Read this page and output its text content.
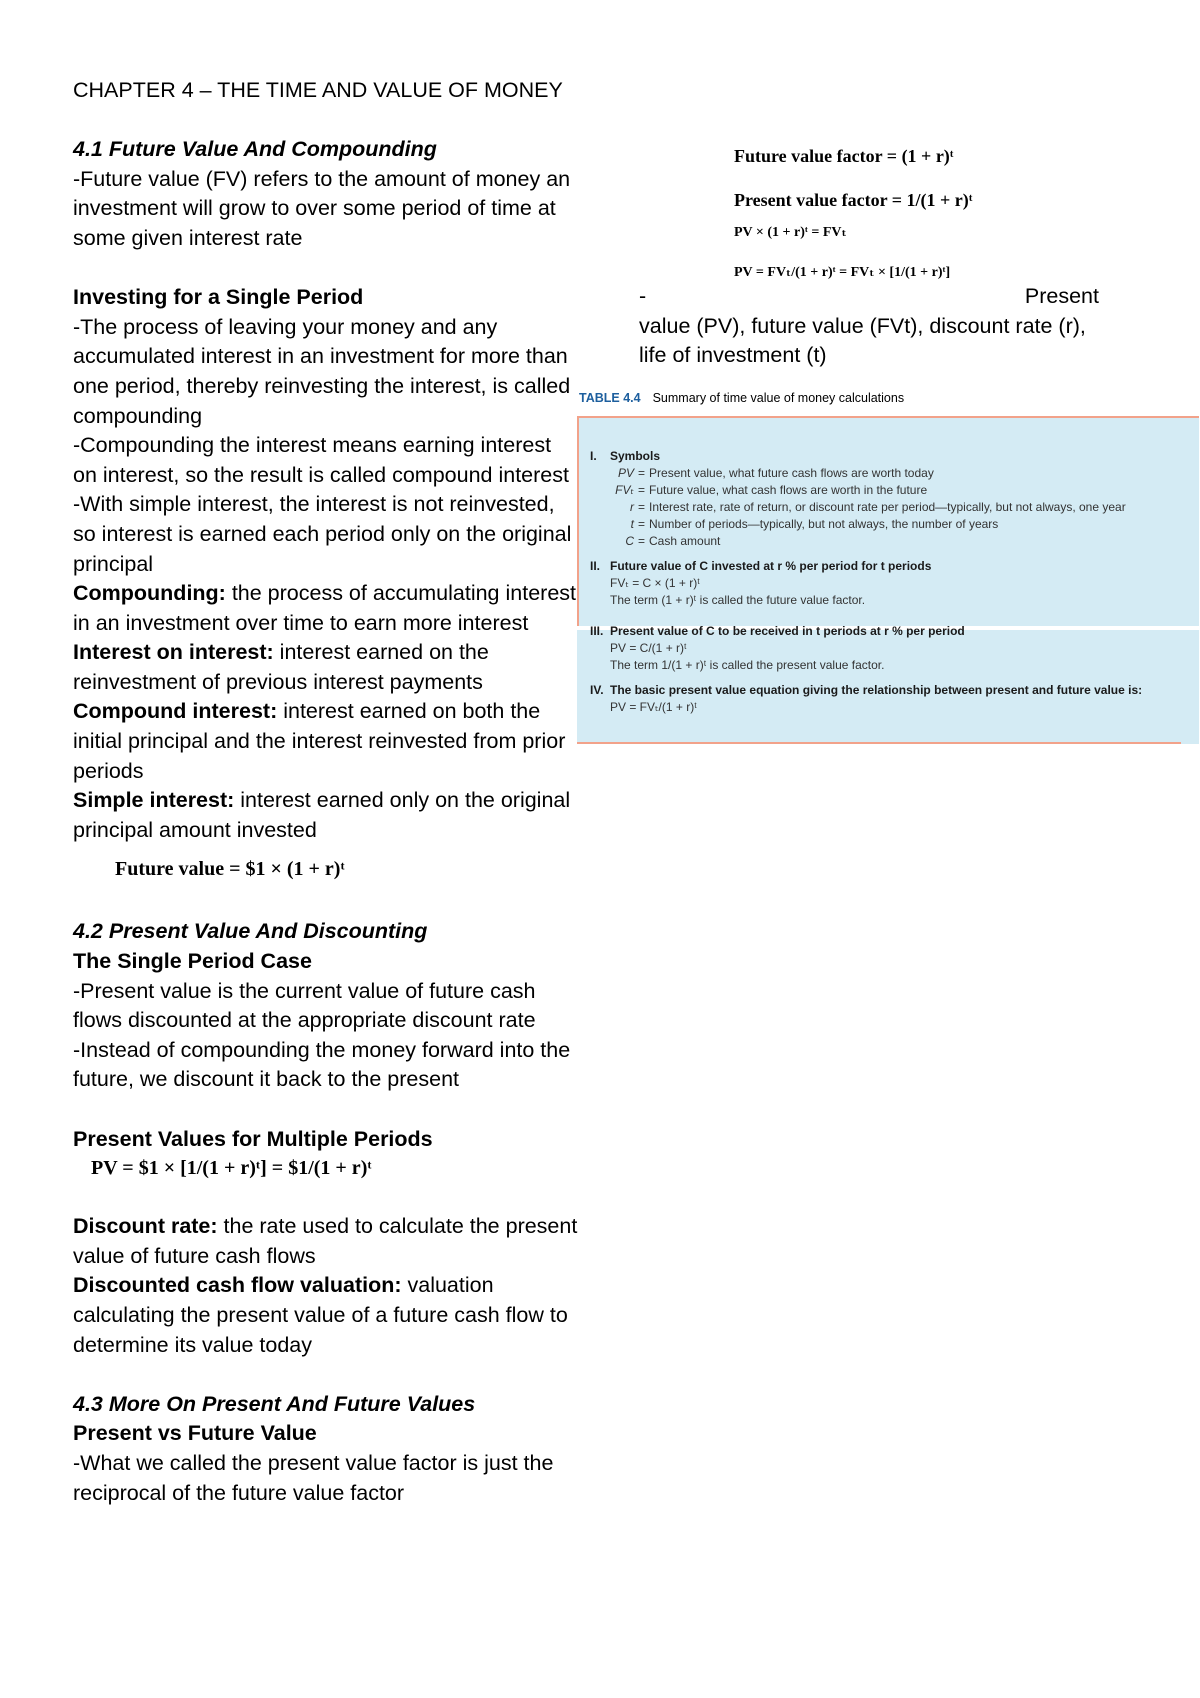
CHAPTER 4 – THE TIME AND VALUE OF MONEY
4.1 Future Value And Compounding
-Future value (FV) refers to the amount of money an investment will grow to over some period of time at some given interest rate
Investing for a Single Period
-The process of leaving your money and any accumulated interest in an investment for more than one period, thereby reinvesting the interest, is called compounding
-Compounding the interest means earning interest on interest, so the result is called compound interest
-With simple interest, the interest is not reinvested, so interest is earned each period only on the original principal
Compounding: the process of accumulating interest in an investment over time to earn more interest
Interest on interest: interest earned on the reinvestment of previous interest payments
Compound interest: interest earned on both the initial principal and the interest reinvested from prior periods
Simple interest: interest earned only on the original principal amount invested
Future value = $1 × (1 + r)ᵗ
4.2 Present Value And Discounting
The Single Period Case
-Present value is the current value of future cash flows discounted at the appropriate discount rate
-Instead of compounding the money forward into the future, we discount it back to the present
Present Values for Multiple Periods
PV = $1 × [1/(1 + r)ᵗ] = $1/(1 + r)ᵗ
Discount rate: the rate used to calculate the present value of future cash flows
Discounted cash flow valuation: valuation calculating the present value of a future cash flow to determine its value today
4.3 More On Present And Future Values
Present vs Future Value
-What we called the present value factor is just the reciprocal of the future value factor
Future value factor = (1 + r)ᵗ
Present value factor = 1/(1 + r)ᵗ
PV × (1 + r)ᵗ = FVₜ
PV = FVₜ/(1 + r)ᵗ = FVₜ × [1/(1 + r)ᵗ]
-	Present
value (PV), future value (FVt), discount rate (r), life of investment (t)
TABLE 4.4 Summary of time value of money calculations
I. Symbols
PV = Present value, what future cash flows are worth today
FVₜ = Future value, what cash flows are worth in the future
r = Interest rate, rate of return, or discount rate per period—typically, but not always, one year
t = Number of periods—typically, but not always, the number of years
C = Cash amount
II. Future value of C invested at r % per period for t periods
FVₜ = C × (1 + r)ᵗ
The term (1 + r)ᵗ is called the future value factor.
III. Present value of C to be received in t periods at r % per period
PV = C/(1 + r)ᵗ
The term 1/(1 + r)ᵗ is called the present value factor.
IV. The basic present value equation giving the relationship between present and future value is:
PV = FVₜ/(1 + r)ᵗ
